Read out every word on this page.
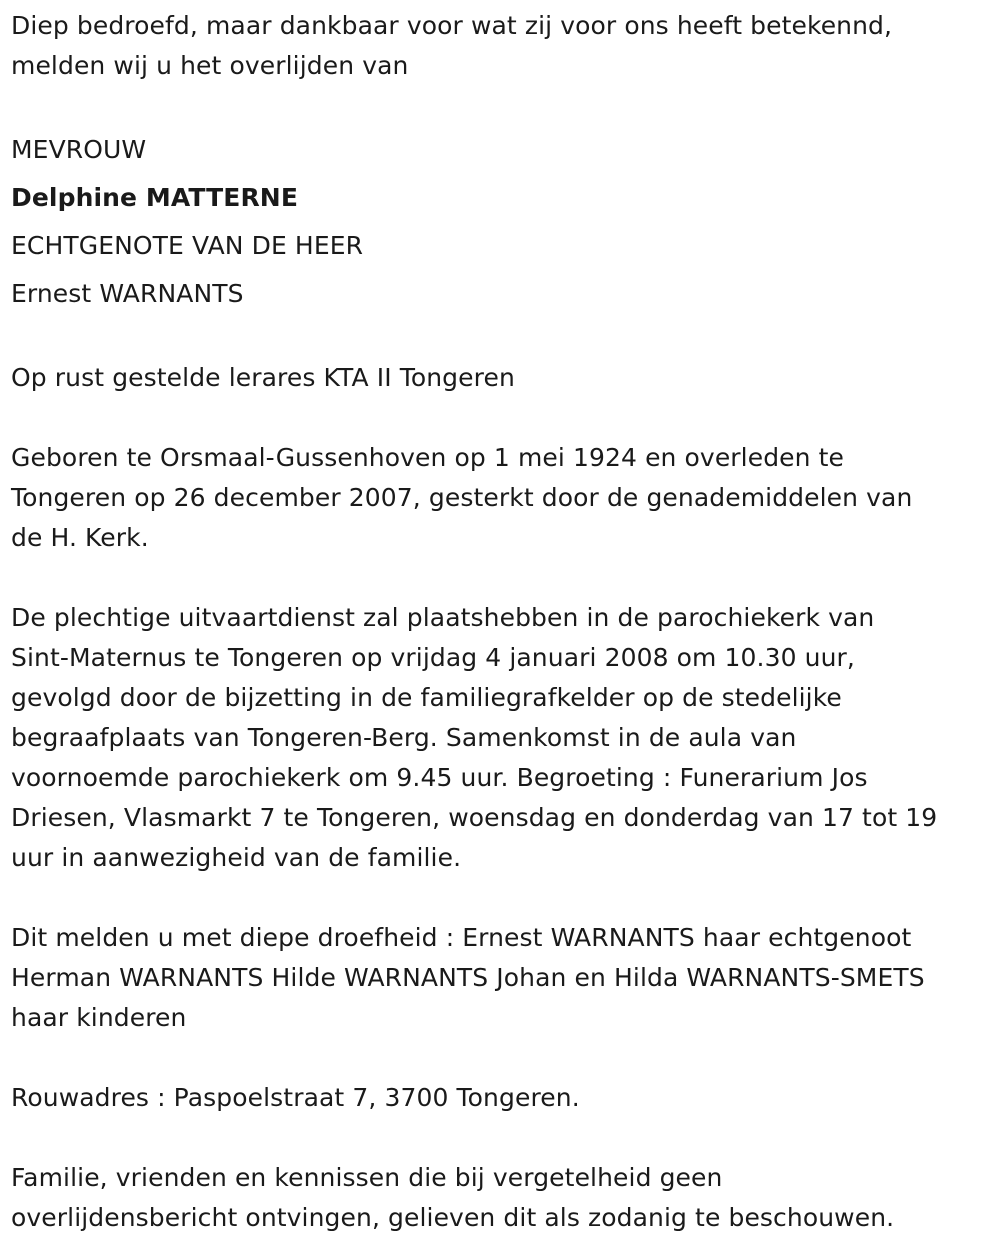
Diep bedroefd, maar dankbaar voor wat zij voor ons heeft betekennd,
melden wij u het overlijden van
MEVROUW
Delphine MATTERNE
ECHTGENOTE VAN DE HEER
Ernest WARNANTS
Op rust gestelde lerares KTA II Tongeren
Geboren te Orsmaal-Gussenhoven op 1 mei 1924 en overleden te
Tongeren op 26 december 2007, gesterkt door de genademiddelen van
de H. Kerk.
De plechtige uitvaartdienst zal plaatshebben in de parochiekerk van
Sint-Maternus te Tongeren op vrijdag 4 januari 2008 om 10.30 uur,
gevolgd door de bijzetting in de familiegrafkelder op de stedelijke
begraafplaats van Tongeren-Berg. Samenkomst in de aula van
voornoemde parochiekerk om 9.45 uur. Begroeting : Funerarium Jos
Driesen, Vlasmarkt 7 te Tongeren, woensdag en donderdag van 17 tot 19
uur in aanwezigheid van de familie.
Dit melden u met diepe droefheid : Ernest WARNANTS haar echtgenoot
Herman WARNANTS Hilde WARNANTS Johan en Hilda WARNANTS-SMETS
haar kinderen
Rouwadres : Paspoelstraat 7, 3700 Tongeren.
Familie, vrienden en kennissen die bij vergetelheid geen
overlijdensbericht ontvingen, gelieven dit als zodanig te beschouwen.
